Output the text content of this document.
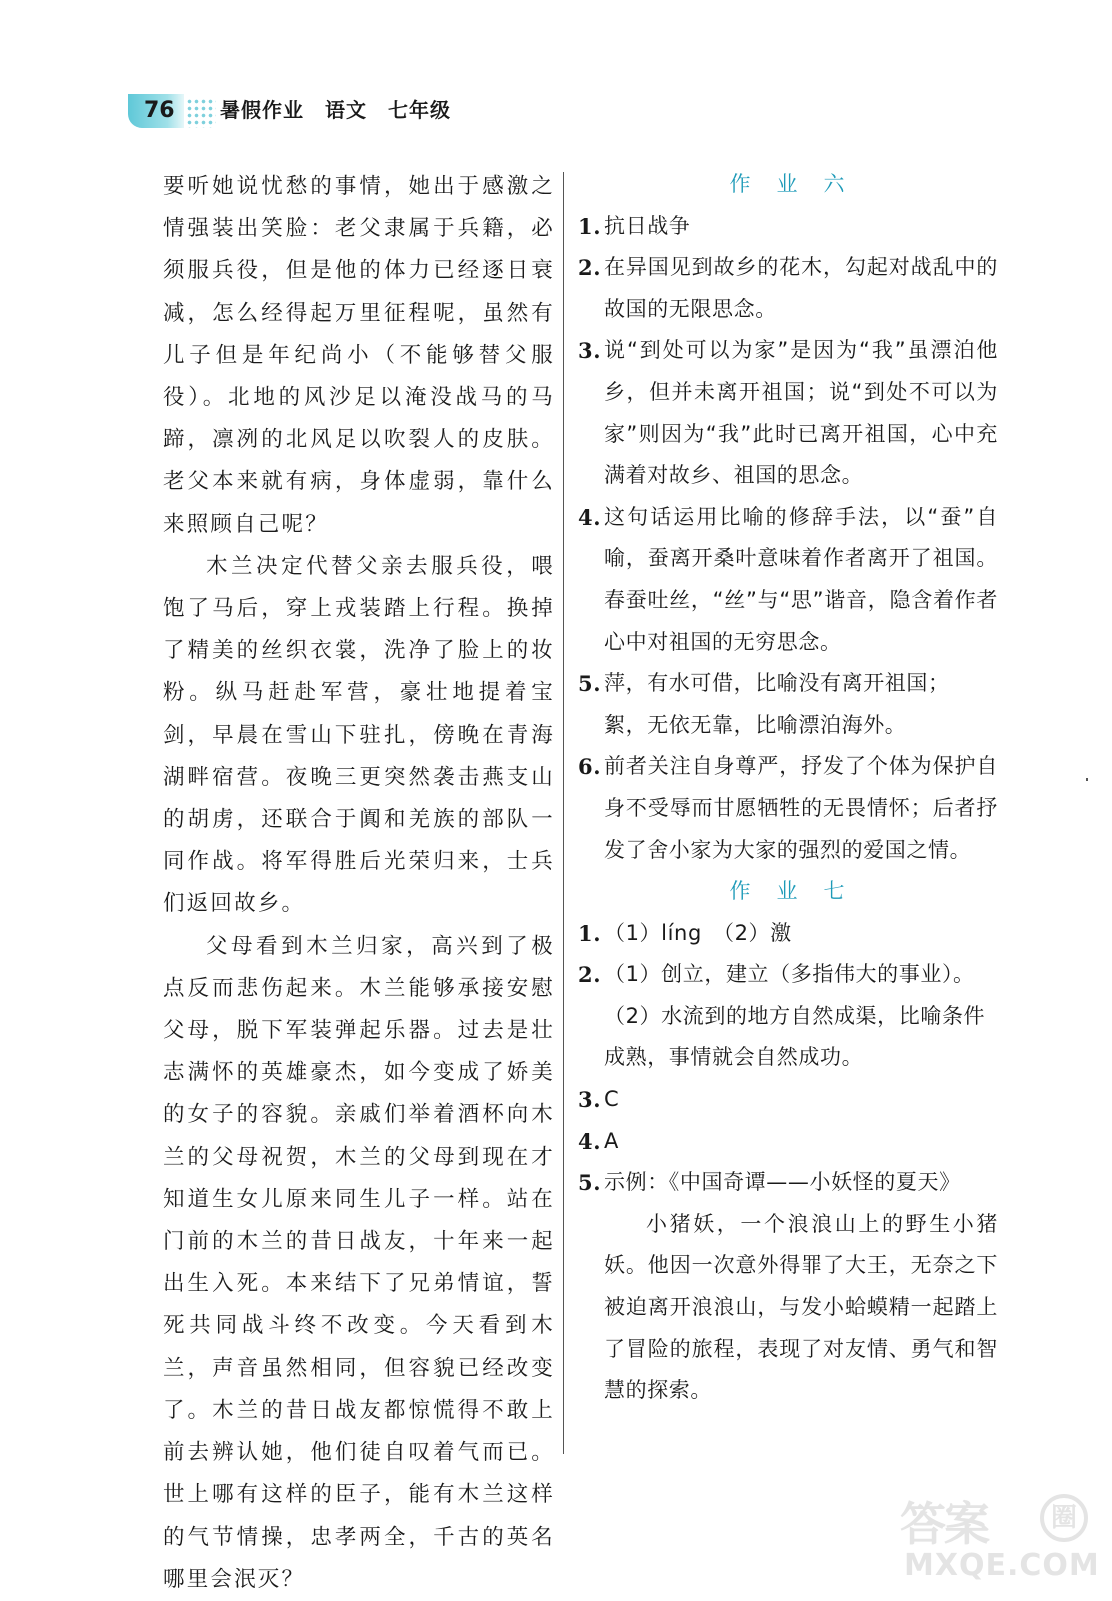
76 暑假作业　语文　七年级

要听她说忧愁的事情，她出于感激之情强装出笑脸：老父隶属于兵籍，必须服兵役，但是他的体力已经逐日衰减，怎么经得起万里征程呢，虽然有儿子但是年纪尚小（不能够替父服役）。北地的风沙足以淹没战马的马蹄，凛冽的北风足以吹裂人的皮肤。老父本来就有病，身体虚弱，靠什么来照顾自己呢？

木兰决定代替父亲去服兵役，喂饱了马后，穿上戎装踏上行程。换掉了精美的丝织衣裳，洗净了脸上的妆粉。纵马赶赴军营，豪壮地提着宝剑，早晨在雪山下驻扎，傍晚在青海湖畔宿营。夜晚三更突然袭击燕支山的胡虏，还联合于阗和羌族的部队一同作战。将军得胜后光荣归来，士兵们返回故乡。

父母看到木兰归家，高兴到了极点反而悲伤起来。木兰能够承接安慰父母，脱下军装弹起乐器。过去是壮志满怀的英雄豪杰，如今变成了娇美的女子的容貌。亲戚们举着酒杯向木兰的父母祝贺，木兰的父母到现在才知道生女儿原来同生儿子一样。站在门前的木兰的昔日战友，十年来一起出生入死。本来结下了兄弟情谊，誓死共同战斗终不改变。今天看到木兰，声音虽然相同，但容貌已经改变了。木兰的昔日战友都惊慌得不敢上前去辨认她，他们徒自叹着气而已。世上哪有这样的臣子，能有木兰这样的气节情操，忠孝两全，千古的英名哪里会泯灭？

作 业 六
1. 抗日战争
2. 在异国见到故乡的花木，勾起对战乱中的故国的无限思念。
3. 说“到处可以为家”是因为“我”虽漂泊他乡，但并未离开祖国；说“到处不可以为家”则因为“我”此时已离开祖国，心中充满着对故乡、祖国的思念。
4. 这句话运用比喻的修辞手法，以“蚕”自喻，蚕离开桑叶意味着作者离开了祖国。春蚕吐丝，“丝”与“思”谐音，隐含着作者心中对祖国的无穷思念。
5. 萍，有水可借，比喻没有离开祖国；
絮，无依无靠，比喻漂泊海外。
6. 前者关注自身尊严，抒发了个体为保护自身不受辱而甘愿牺牲的无畏情怀；后者抒发了舍小家为大家的强烈的爱国之情。
作 业 七
1. （1）líng　（2）激
2. （1）创立，建立（多指伟大的事业）。
（2）水流到的地方自然成渠，比喻条件成熟，事情就会自然成功。
3. C
4. A
5. 示例：《中国奇谭——小妖怪的夏天》
小猪妖，一个浪浪山上的野生小猪妖。他因一次意外得罪了大王，无奈之下被迫离开浪浪山，与发小蛤蟆精一起踏上了冒险的旅程，表现了对友情、勇气和智慧的探索。
答案	圈
MXQE.COM
